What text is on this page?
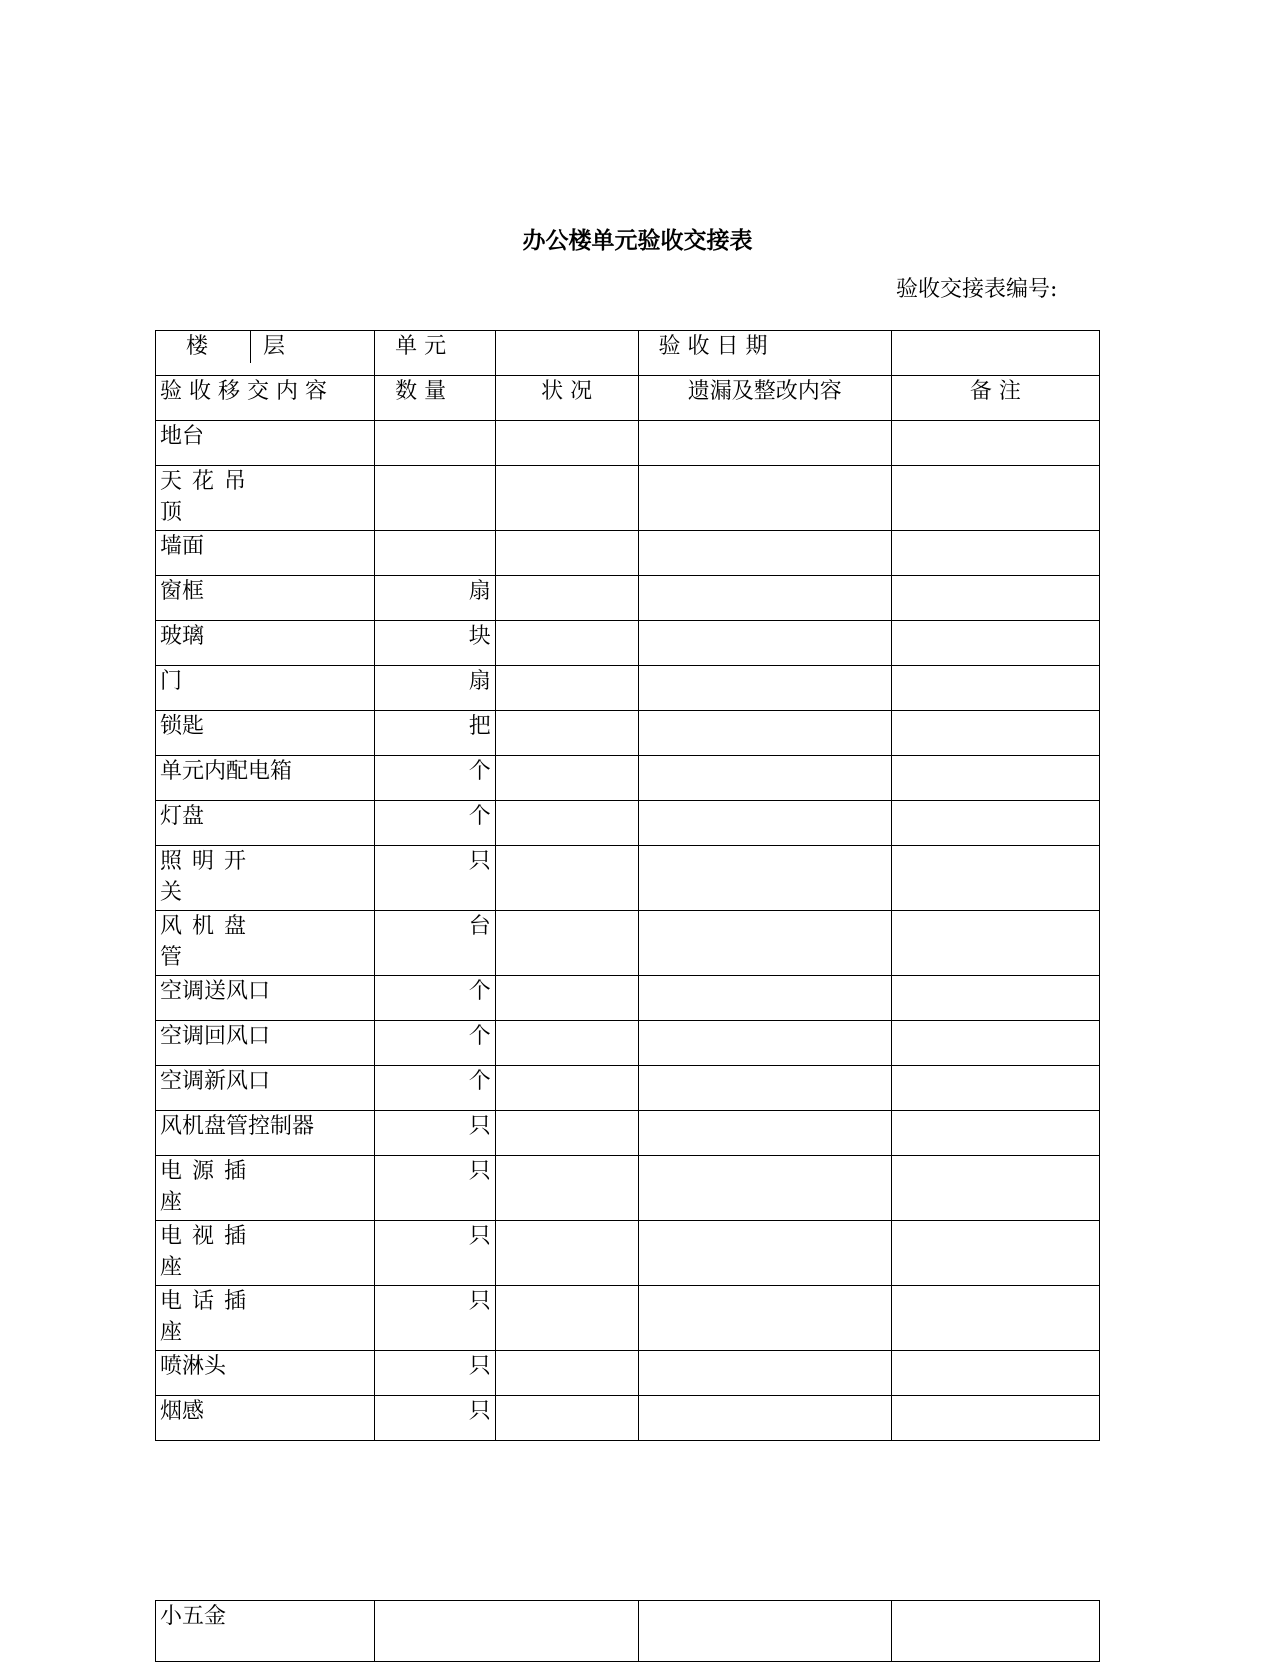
办公楼单元验收交接表
验收交接表编号:
楼 层	单 元		验 收 日 期	
验 收 移 交 内 容	数 量	状 况	遗漏及整改内容	备 注
地台				

天花吊顶				

墙面				
窗框	扇			
玻璃	块			
门	扇			
锁匙	把			
单元内配电箱	个			
灯盘	个			

照明开关	只			

风机盘管	台			
空调送风口	个			
空调回风口	个			
空调新风口	个			
风机盘管控制器	只			

电源插座	只			

电视插座	只			

电话插座	只			
喷淋头	只			
烟感	只			
小五金			
